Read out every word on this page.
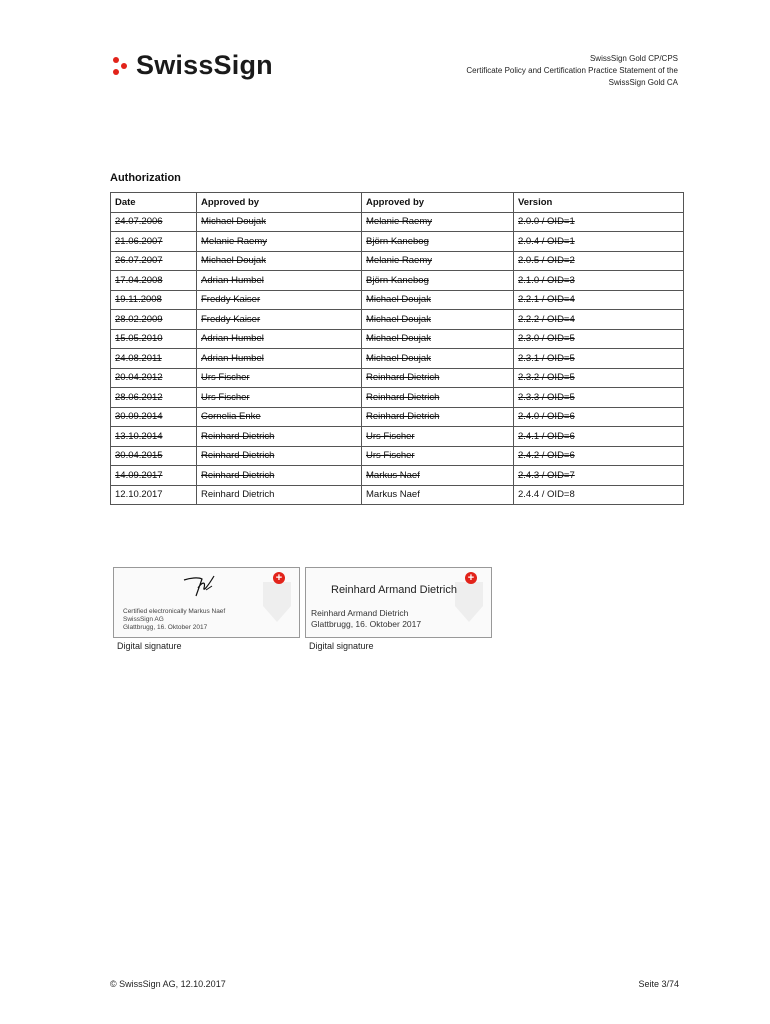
SwissSign	SwissSign Gold CP/CPS
Certificate Policy and Certification Practice Statement of the
SwissSign Gold CA
Authorization
Date	Approved by	Approved by	Version
24.07.2006	Michael Doujak	Melanie Raemy	2.0.0 / OID=1
21.06.2007	Melanie Raemy	Björn Kanebog	2.0.4 / OID=1
26.07.2007	Michael Doujak	Melanie Raemy	2.0.5 / OID=2
17.04.2008	Adrian Humbel	Björn Kanebog	2.1.0 / OID=3
19.11.2008	Freddy Kaiser	Michael Doujak	2.2.1 / OID=4
28.02.2009	Freddy Kaiser	Michael Doujak	2.2.2 / OID=4
15.05.2010	Adrian Humbel	Michael Doujak	2.3.0 / OID=5
24.08.2011	Adrian Humbel	Michael Doujak	2.3.1 / OID=5
20.04.2012	Urs Fischer	Reinhard Dietrich	2.3.2 / OID=5
28.06.2012	Urs Fischer	Reinhard Dietrich	2.3.3 / OID=5
30.09.2014	Cornelia Enke	Reinhard Dietrich	2.4.0 / OID=6
13.10.2014	Reinhard Dietrich	Urs Fischer	2.4.1 / OID=6
30.04.2015	Reinhard Dietrich	Urs Fischer	2.4.2 / OID=6
14.09.2017	Reinhard Dietrich	Markus Naef	2.4.3 / OID=7
12.10.2017	Reinhard Dietrich	Markus Naef	2.4.4 / OID=8
+
Certified electronically Markus Naef
SwissSign AG
Glattbrugg, 16. Oktober 2017
+
Reinhard Armand Dietrich
Reinhard Armand Dietrich
Glattbrugg, 16. Oktober 2017
Digital signature	Digital signature
© SwissSign AG, 12.10.2017	Seite 3/74
